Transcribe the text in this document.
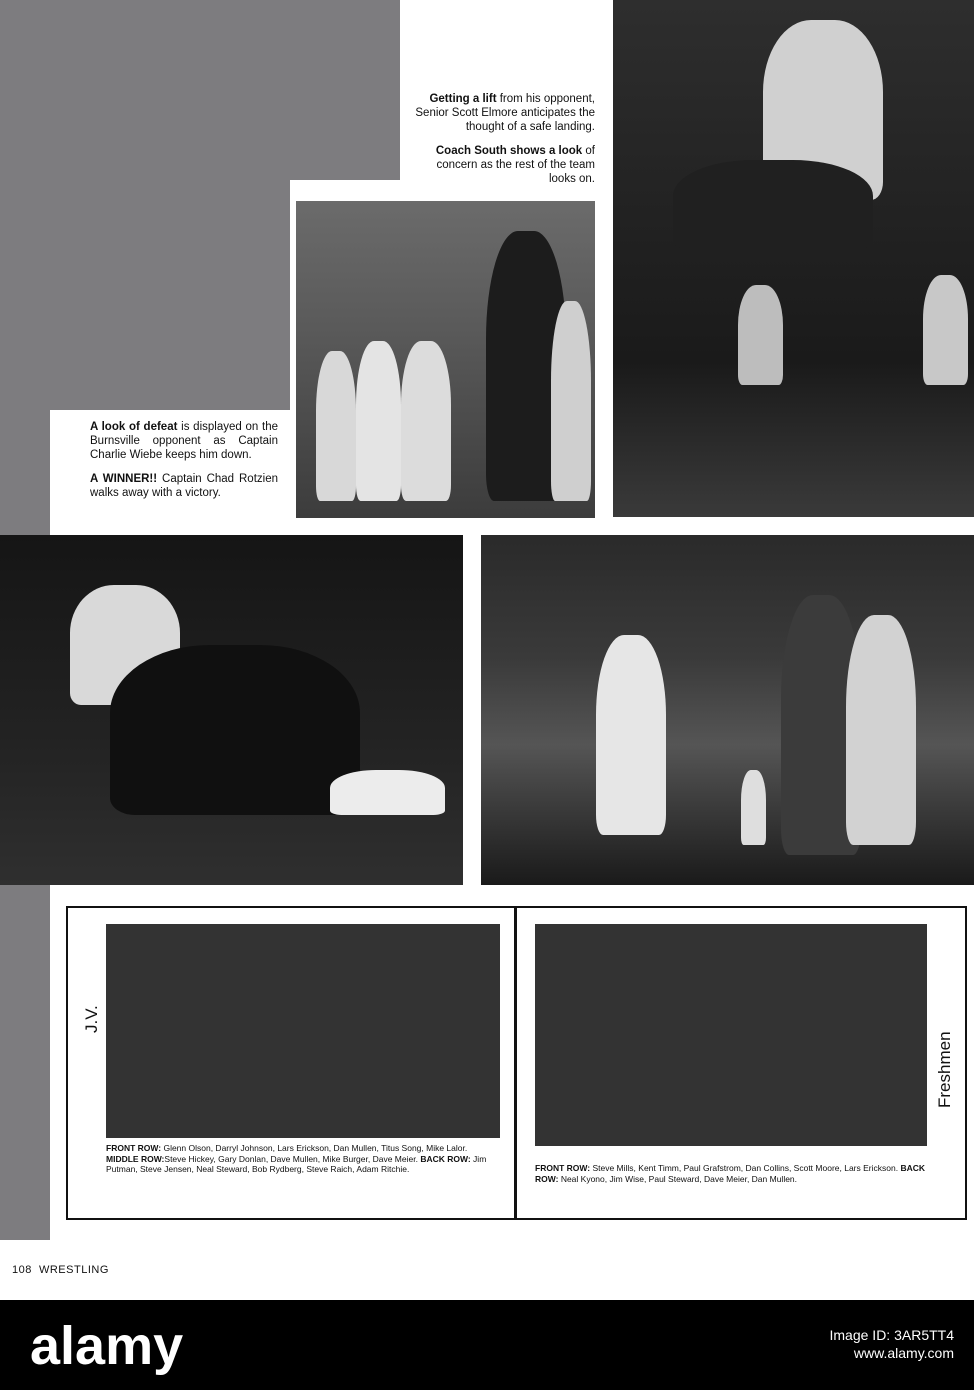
Getting a lift from his opponent, Senior Scott Elmore anticipates the thought of a safe landing.

Coach South shows a look of concern as the rest of the team looks on.

A look of defeat is displayed on the Burnsville opponent as Captain Charlie Wiebe keeps him down.

A WINNER!! Captain Chad Rotzien walks away with a victory.

J.V.
FRONT ROW: Glenn Olson, Darryl Johnson, Lars Erickson, Dan Mullen, Titus Song, Mike Lalor. MIDDLE ROW:Steve Hickey, Gary Donlan, Dave Mullen, Mike Burger, Dave Meier. BACK ROW: Jim Putman, Steve Jensen, Neal Steward, Bob Rydberg, Steve Raich, Adam Ritchie.
Freshmen
FRONT ROW: Steve Mills, Kent Timm, Paul Grafstrom, Dan Collins, Scott Moore, Lars Erickson. BACK ROW: Neal Kyono, Jim Wise, Paul Steward, Dave Meier, Dan Mullen.
108 WRESTLING
alamy	Image ID: 3AR5TT4
www.alamy.com
